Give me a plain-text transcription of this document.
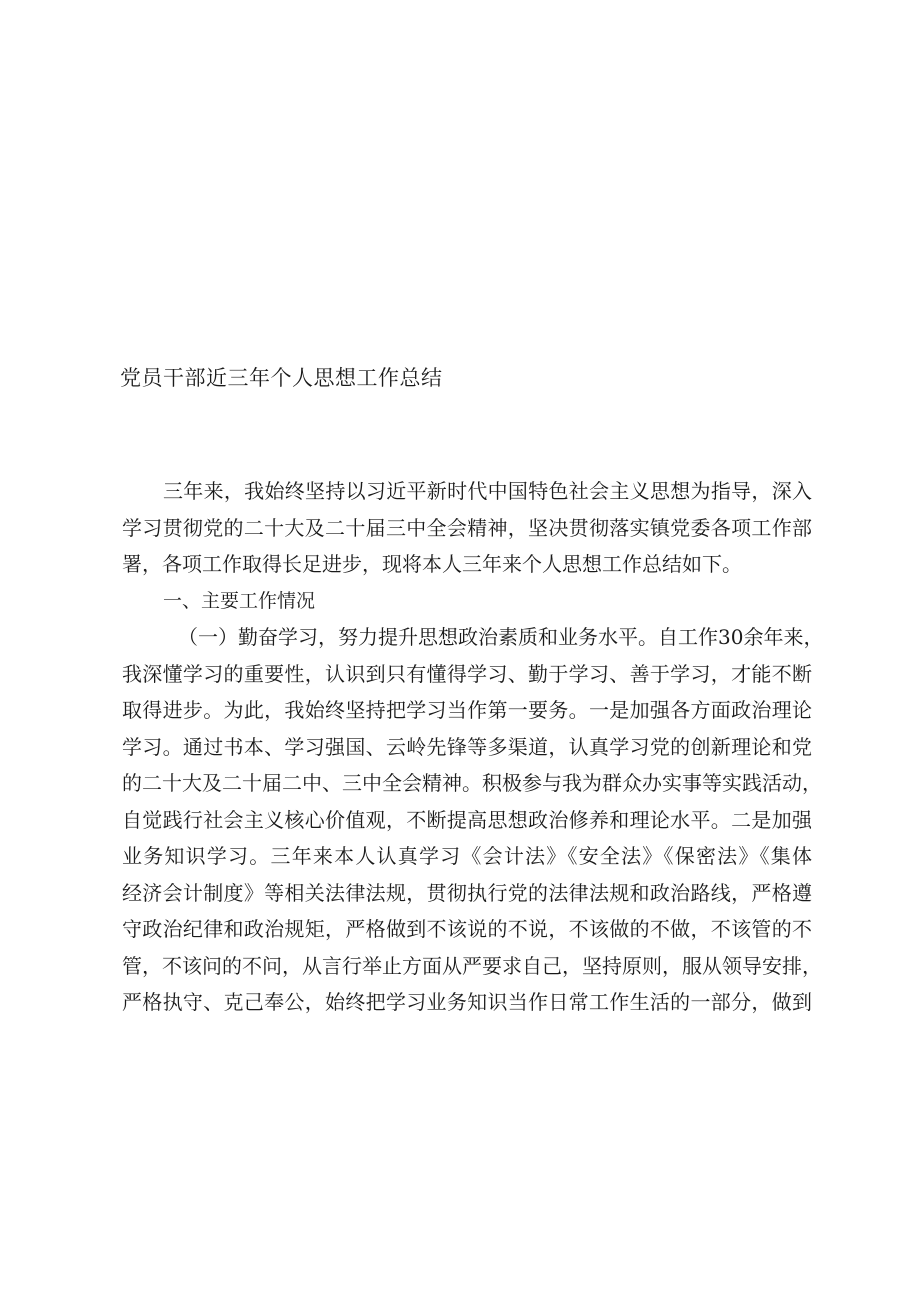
党员干部近三年个人思想工作总结
三年来，我始终坚持以习近平新时代中国特色社会主义思想为指导，深入
学习贯彻党的二十大及二十届三中全会精神，坚决贯彻落实镇党委各项工作部
署，各项工作取得长足进步，现将本人三年来个人思想工作总结如下。
一、主要工作情况
（一）勤奋学习，努力提升思想政治素质和业务水平。自工作30余年来，
我深懂学习的重要性，认识到只有懂得学习、勤于学习、善于学习，才能不断
取得进步。为此，我始终坚持把学习当作第一要务。一是加强各方面政治理论
学习。通过书本、学习强国、云岭先锋等多渠道，认真学习党的创新理论和党
的二十大及二十届二中、三中全会精神。积极参与我为群众办实事等实践活动，
自觉践行社会主义核心价值观，不断提高思想政治修养和理论水平。二是加强
业务知识学习。三年来本人认真学习《会计法》《安全法》《保密法》《集体
经济会计制度》等相关法律法规，贯彻执行党的法律法规和政治路线，严格遵
守政治纪律和政治规矩，严格做到不该说的不说，不该做的不做，不该管的不
管，不该问的不问，从言行举止方面从严要求自己，坚持原则，服从领导安排，
严格执守、克己奉公，始终把学习业务知识当作日常工作生活的一部分，做到
